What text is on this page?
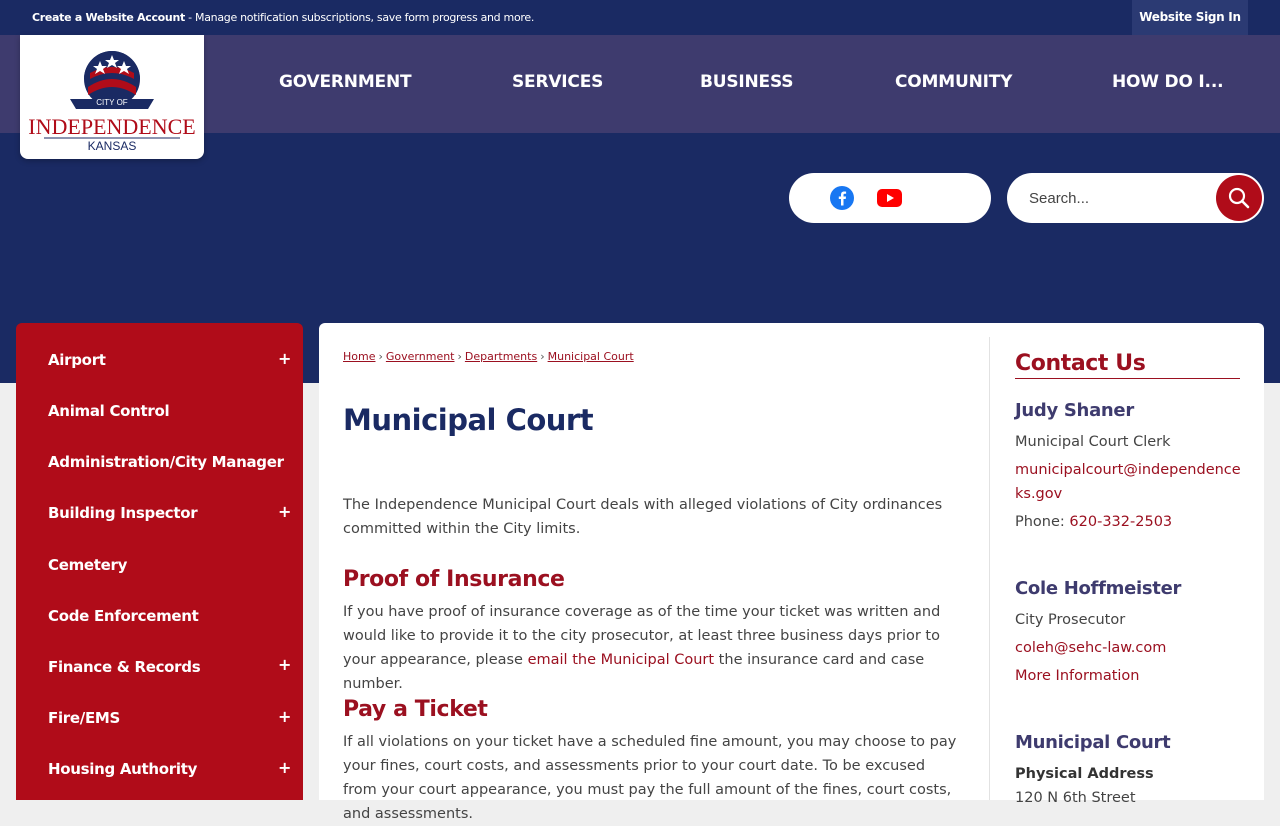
Create a Website Account - Manage notification subscriptions, save form progress and more.	Website Sign In
GOVERNMENT	SERVICES	BUSINESS	COMMUNITY	HOW DO I...
INDEPENDENCE
KANSAS
CITY OF
Search...
Airport	+
Animal Control
Administration/City Manager
Building Inspector	+
Cemetery
Code Enforcement
Finance & Records	+
Fire/EMS	+
Housing Authority	+
Home › Government › Departments › Municipal Court
Municipal Court

The Independence Municipal Court deals with alleged violations of City ordinances committed within the City limits.

Proof of Insurance

If you have proof of insurance coverage as of the time your ticket was written and would like to provide it to the city prosecutor, at least three business days prior to your appearance, please email the Municipal Court the insurance card and case number.

Pay a Ticket

If all violations on your ticket have a scheduled fine amount, you may choose to pay your fines, court costs, and assessments prior to your court date. To be excused from your court appearance, you must pay the full amount of the fines, court costs, and assessments.

Contact Us
Judy Shaner
Municipal Court Clerk
municipalcourt@independenceks.gov
Phone: 620-332-2503
Cole Hoffmeister
City Prosecutor
coleh@sehc-law.com
More Information
Municipal Court
Physical Address
120 N 6th Street
